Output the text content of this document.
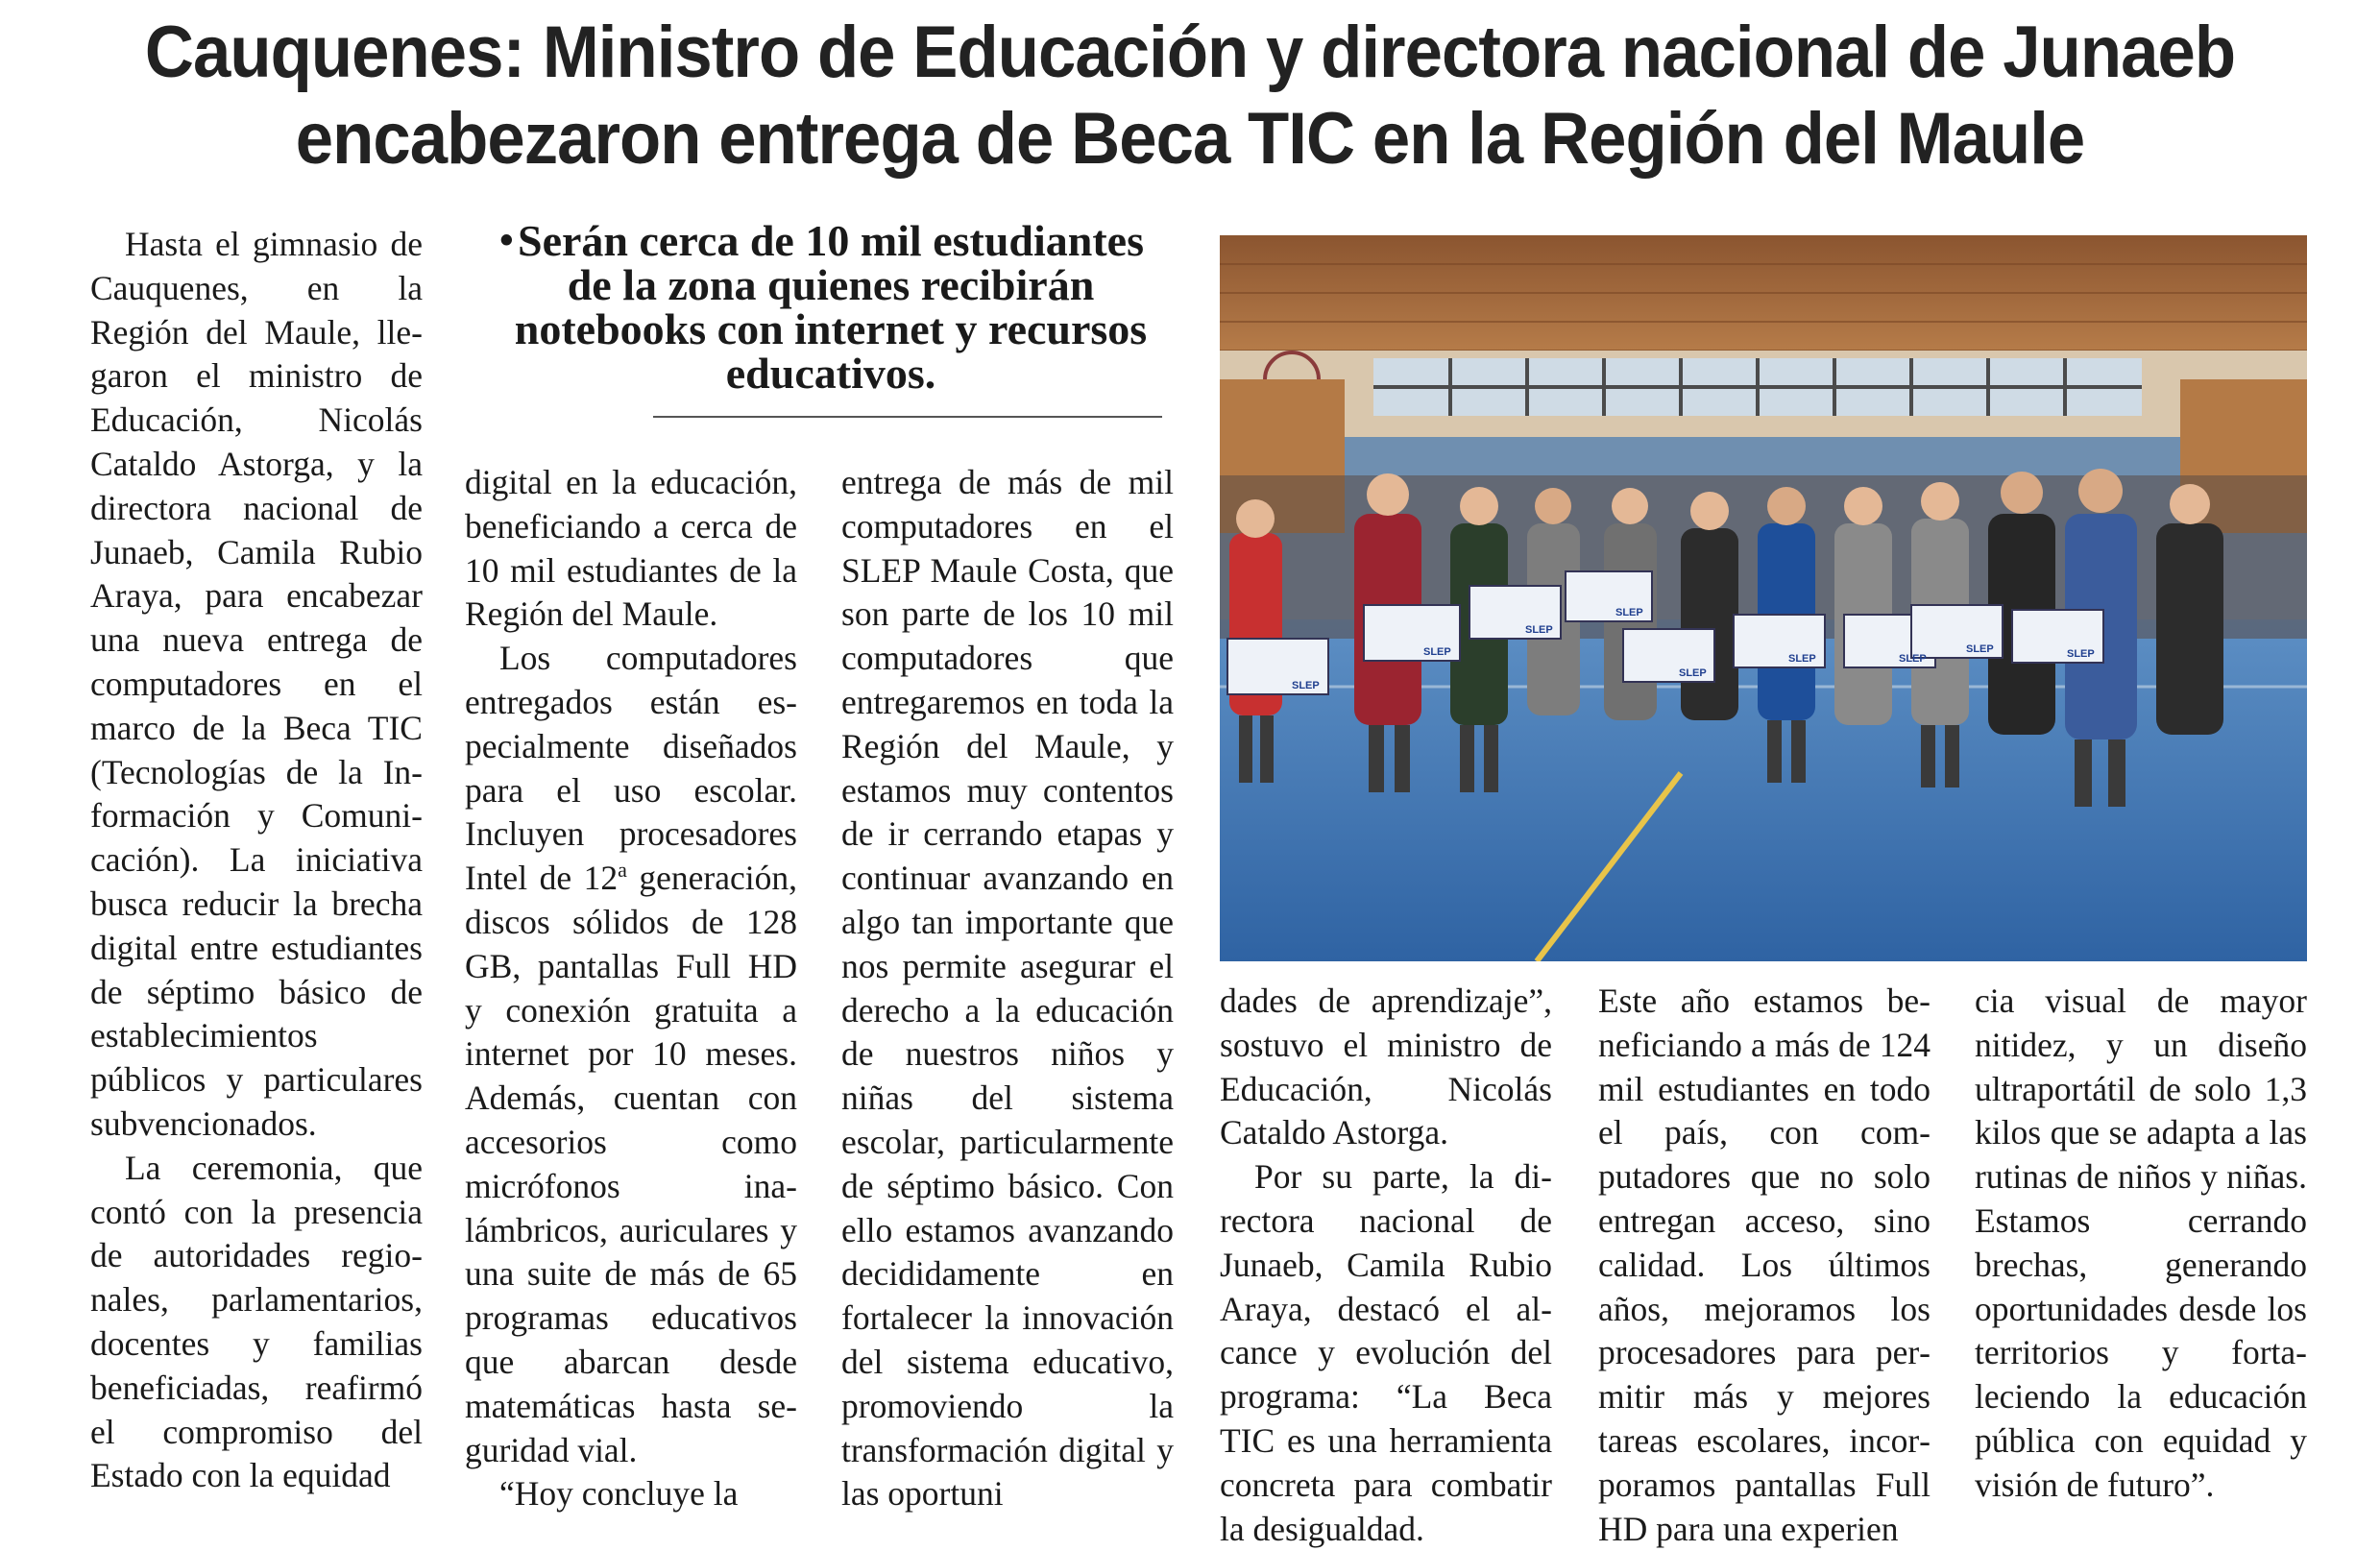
Cauquenes: Ministro de Educación y directora nacional de Junaeb
encabezaron entrega de Beca TIC en la Región del Maule

Hasta el gimnasio de Cauquenes, en la Región del Maule, llegaron el ministro de Educación, Nicolás Cataldo Astorga, y la directora nacional de Junaeb, Camila Rubio Araya, para encabezar una nueva entrega de computadores en el marco de la Beca TIC (Tecnologías de la Información y Comunicación). La iniciativa busca reducir la brecha digital entre estudiantes de séptimo básico de establecimientos públicos y particulares subvencionados.

La ceremonia, que contó con la presencia de autoridades regionales, parlamentarios, docentes y familias beneficiadas, reafirmó el compromiso del Estado con la equidad

• Serán cerca de 10 mil estudiantes de la zona quienes recibirán notebooks con internet y recursos educativos.

digital en la educación, beneficiando a cerca de 10 mil estudiantes de la Región del Maule.

Los computadores entregados están especialmente diseñados para el uso escolar. Incluyen procesadores Intel de 12$^a$ generación, discos sólidos de 128 GB, pantallas Full HD y conexión gratuita a internet por 10 meses. Además, cuentan con accesorios como micrófonos inalámbricos, auriculares y una suite de más de 65 programas educativos que abarcan desde matemáticas hasta seguridad vial.

“Hoy concluye la

entrega de más de mil computadores en el SLEP Maule Costa, que son parte de los 10 mil computadores que entregaremos en toda la Región del Maule, y estamos muy contentos de ir cerrando etapas y continuar avanzando en algo tan importante que nos permite asegurar el derecho a la educación de nuestros niños y niñas del sistema escolar, particularmente de séptimo básico. Con ello estamos avanzando decididamente en fortalecer la innovación del sistema educativo, promoviendo la transformación digital y las oportuni

SLEP
SLEP
SLEP
SLEP
SLEP
SLEP	SLEP
SLEP	SLEP

dades de aprendizaje”, sostuvo el ministro de Educación, Nicolás Cataldo Astorga.

Por su parte, la directora nacional de Junaeb, Camila Rubio Araya, destacó el alcance y evolución del programa: “La Beca TIC es una herramienta concreta para combatir la desigualdad.

Este año estamos beneficiando a más de 124 mil estudiantes en todo el país, con computadores que no solo entregan acceso, sino calidad. Los últimos años, mejoramos los procesadores para permitir más y mejores tareas escolares, incorporamos pantallas Full HD para una experien

cia visual de mayor nitidez, y un diseño ultraportátil de solo 1,3 kilos que se adapta a las rutinas de niños y niñas. Estamos cerrando brechas, generando oportunidades desde los territorios y fortaleciendo la educación pública con equidad y visión de futuro”.
